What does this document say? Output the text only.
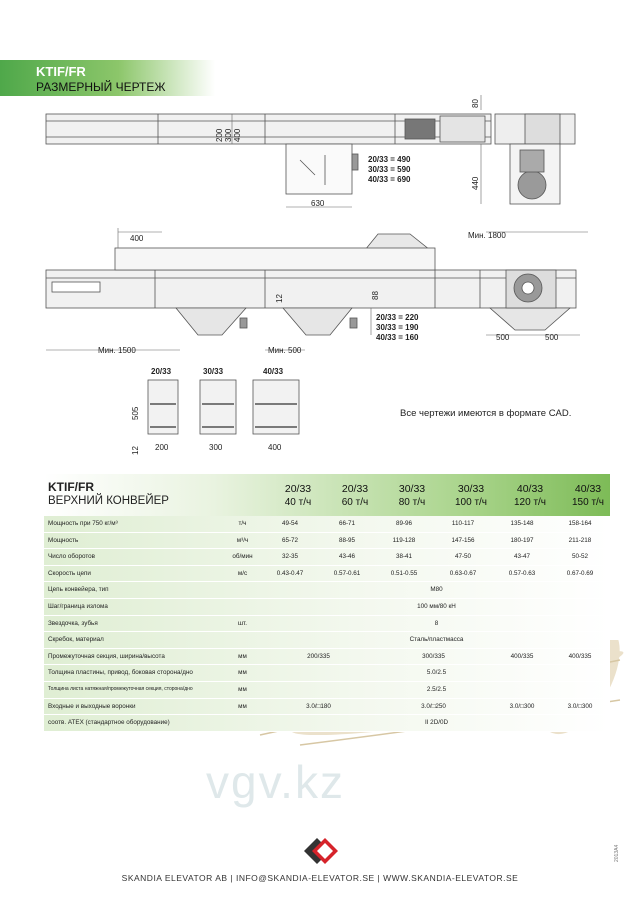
KTIF/FR
РАЗМЕРНЫЙ ЧЕРТЕЖ
200 300 400
80
440
630
20/33 = 490
30/33 = 590
40/33 = 690
400	Мин. 1800
20/33 = 220
30/33 = 190
40/33 = 160
12	88
Мин. 1500	Мин. 500
500	500
20/33	30/33	40/33
200	300	400
505
12
Все чертежи имеются в формате CAD.
KTIF/FR
ВЕРХНИЙ КОНВЕЙЕР
20/33
40 т/ч
20/33
60 т/ч
30/33
80 т/ч
30/33
100 т/ч
40/33
120 т/ч
40/33
150 т/ч
Мощность при 750 кг/м³	т/ч	49-54	66-71	89-96	110-117	135-148	158-164
Мощность	м³/ч	65-72	88-95	119-128	147-156	180-197	211-218
Число оборотов	об/мин	32-35	43-46	38-41	47-50	43-47	50-52
Скорость цепи	м/с	0.43-0.47	0.57-0.61	0.51-0.55	0.63-0.67	0.57-0.63	0.67-0.69
Цепь конвейера, тип	M80
Шаг/граница излома	100 мм/80 кН
Звездочка, зубья	шт.	8
Скребок, материал	Сталь/пластмасса
Промежуточная секция, ширина/высота	мм	200/335	300/335	400/335	400/335
Толщина пластины, привод, боковая сторона/дно	мм	5.0/2.5
Толщина листа натяжная/промежуточная секция, сторона/дно	мм	2.5/2.5
Входные и выходные воронки	мм	3.0/□180	3.0/□250	3.0/□300	3.0/□300
соотв. ATEX (стандартное оборудование)	II 2D/0D
vgv.kz
SKANDIA ELEVATOR AB | INFO@SKANDIA-ELEVATOR.SE | WWW.SKANDIA-ELEVATOR.SE
2013A4
